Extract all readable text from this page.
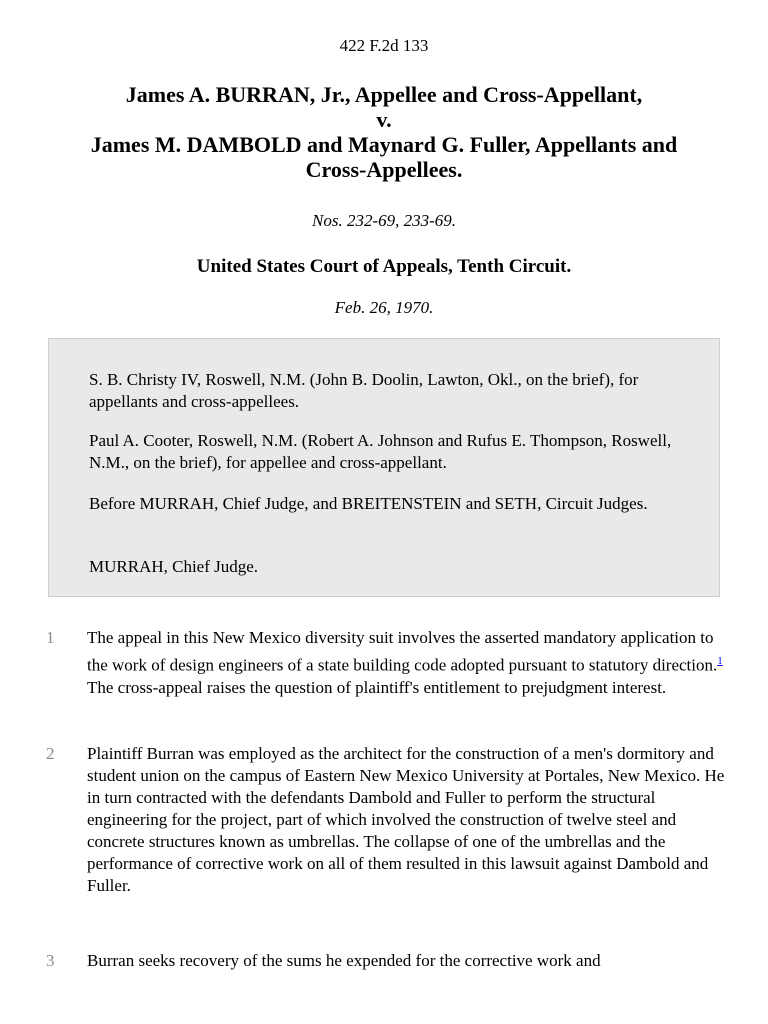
422 F.2d 133
James A. BURRAN, Jr., Appellee and Cross-Appellant,
v.
James M. DAMBOLD and Maynard G. Fuller, Appellants and
Cross-Appellees.
Nos. 232-69, 233-69.
United States Court of Appeals, Tenth Circuit.
Feb. 26, 1970.

S. B. Christy IV, Roswell, N.M. (John B. Doolin, Lawton, Okl., on the brief), for appellants and cross-appellees.

Paul A. Cooter, Roswell, N.M. (Robert A. Johnson and Rufus E. Thompson, Roswell, N.M., on the brief), for appellee and cross-appellant.

Before MURRAH, Chief Judge, and BREITENSTEIN and SETH, Circuit Judges.

MURRAH, Chief Judge.

1 The appeal in this New Mexico diversity suit involves the asserted mandatory application to the work of design engineers of a state building code adopted pursuant to statutory direction.$^1$ The cross-appeal raises the question of plaintiff's entitlement to prejudgment interest.
2 Plaintiff Burran was employed as the architect for the construction of a men's dormitory and student union on the campus of Eastern New Mexico University at Portales, New Mexico. He in turn contracted with the defendants Dambold and Fuller to perform the structural engineering for the project, part of which involved the construction of twelve steel and concrete structures known as umbrellas. The collapse of one of the umbrellas and the performance of corrective work on all of them resulted in this lawsuit against Dambold and Fuller.
3 Burran seeks recovery of the sums he expended for the corrective work and
